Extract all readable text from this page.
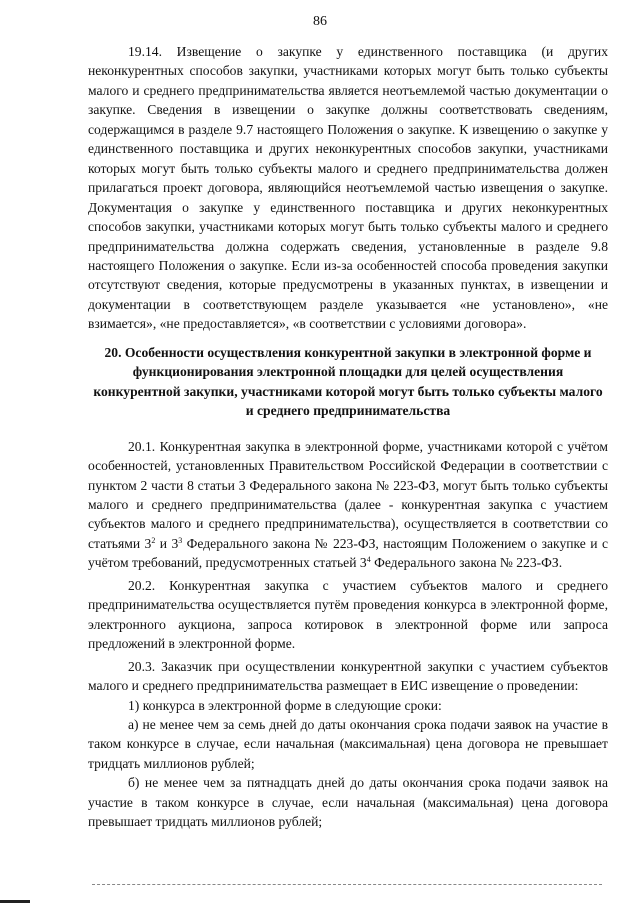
86

19.14. Извещение о закупке у единственного поставщика (и других неконкурентных способов закупки, участниками которых могут быть только субъекты малого и среднего предпринимательства является неотъемлемой частью документации о закупке. Сведения в извещении о закупке должны соответствовать сведениям, содержащимся в разделе 9.7 настоящего Положения о закупке. К извещению о закупке у единственного поставщика и других неконкурентных способов закупки, участниками которых могут быть только субъекты малого и среднего предпринимательства должен прилагаться проект договора, являющийся неотъемлемой частью извещения о закупке. Документация о закупке у единственного поставщика и других неконкурентных способов закупки, участниками которых могут быть только субъекты малого и среднего предпринимательства должна содержать сведения, установленные в разделе 9.8 настоящего Положения о закупке. Если из-за особенностей способа проведения закупки отсутствуют сведения, которые предусмотрены в указанных пунктах, в извещении и документации в соответствующем разделе указывается «не установлено», «не взимается», «не предоставляется», «в соответствии с условиями договора».

20. Особенности осуществления конкурентной закупки в электронной форме и функционирования электронной площадки для целей осуществления конкурентной закупки, участниками которой могут быть только субъекты малого и среднего предпринимательства

20.1. Конкурентная закупка в электронной форме, участниками которой с учётом особенностей, установленных Правительством Российской Федерации в соответствии с пунктом 2 части 8 статьи 3 Федерального закона № 223-ФЗ, могут быть только субъекты малого и среднего предпринимательства (далее - конкурентная закупка с участием субъектов малого и среднего предпринимательства), осуществляется в соответствии со статьями $3^2$ и $3^3$ Федерального закона № 223-ФЗ, настоящим Положением о закупке и с учётом требований, предусмотренных статьей $3^4$ Федерального закона № 223-ФЗ.

20.2. Конкурентная закупка с участием субъектов малого и среднего предпринимательства осуществляется путём проведения конкурса в электронной форме, электронного аукциона, запроса котировок в электронной форме или запроса предложений в электронной форме.

20.3. Заказчик при осуществлении конкурентной закупки с участием субъектов малого и среднего предпринимательства размещает в ЕИС извещение о проведении:

1) конкурса в электронной форме в следующие сроки:

а) не менее чем за семь дней до даты окончания срока подачи заявок на участие в таком конкурсе в случае, если начальная (максимальная) цена договора не превышает тридцать миллионов рублей;

б) не менее чем за пятнадцать дней до даты окончания срока подачи заявок на участие в таком конкурсе в случае, если начальная (максимальная) цена договора превышает тридцать миллионов рублей;
